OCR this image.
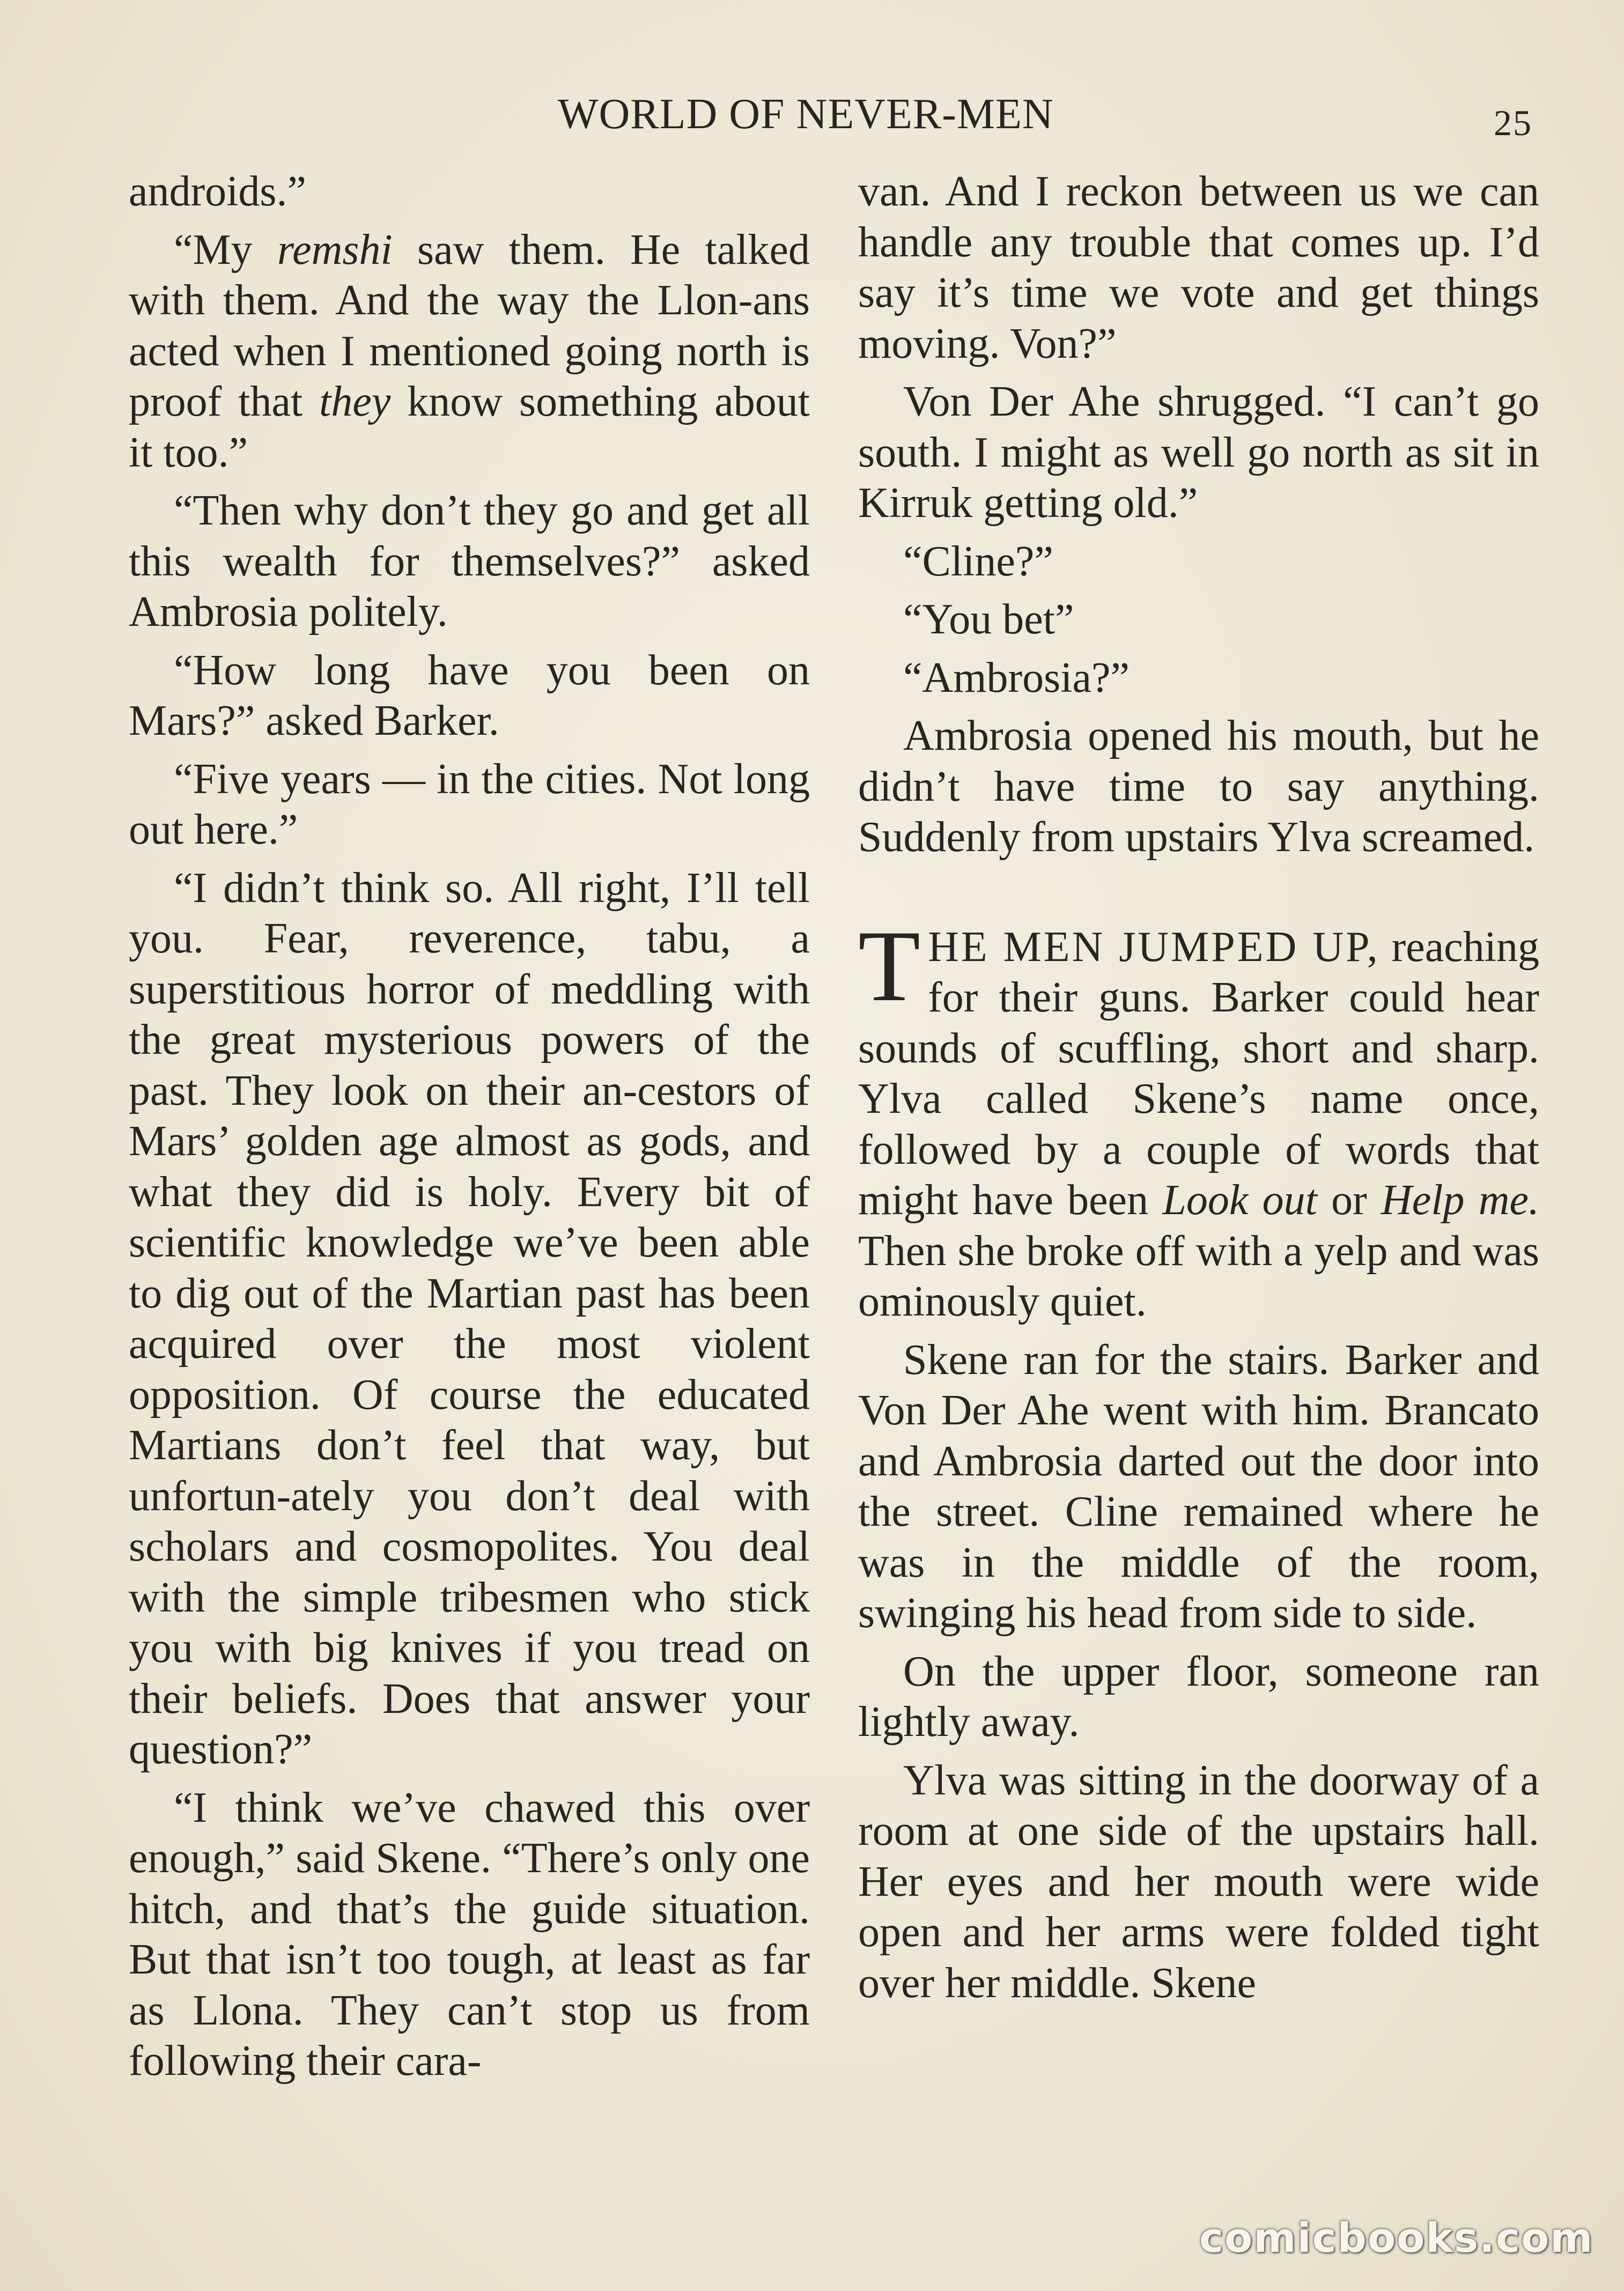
WORLD OF NEVER-MEN	25

androids.”

“My remshi saw them. He talked with them. And the way the Llon-ans acted when I mentioned going north is proof that they know something about it too.”

“Then why don’t they go and get all this wealth for themselves?” asked Ambrosia politely.

“How long have you been on Mars?” asked Barker.

“Five years — in the cities. Not long out here.”

“I didn’t think so. All right, I’ll tell you. Fear, reverence, tabu, a superstitious horror of meddling with the great mysterious powers of the past. They look on their an-cestors of Mars’ golden age almost as gods, and what they did is holy. Every bit of scientific knowledge we’ve been able to dig out of the Martian past has been acquired over the most violent opposition. Of course the educated Martians don’t feel that way, but unfortun-ately you don’t deal with scholars and cosmopolites. You deal with the simple tribesmen who stick you with big knives if you tread on their beliefs. Does that answer your question?”

“I think we’ve chawed this over enough,” said Skene. “There’s only one hitch, and that’s the guide situation. But that isn’t too tough, at least as far as Llona. They can’t stop us from following their cara-

van. And I reckon between us we can handle any trouble that comes up. I’d say it’s time we vote and get things moving. Von?”

Von Der Ahe shrugged. “I can’t go south. I might as well go north as sit in Kirruk getting old.”

“Cline?”

“You bet”

“Ambrosia?”

Ambrosia opened his mouth, but he didn’t have time to say anything. Suddenly from upstairs Ylva screamed.

THE MEN JUMPED UP, reaching for their guns. Barker could hear sounds of scuffling, short and sharp. Ylva called Skene’s name once, followed by a couple of words that might have been Look out or Help me. Then she broke off with a yelp and was ominously quiet.

Skene ran for the stairs. Barker and Von Der Ahe went with him. Brancato and Ambrosia darted out the door into the street. Cline remained where he was in the middle of the room, swinging his head from side to side.

On the upper floor, someone ran lightly away.

Ylva was sitting in the doorway of a room at one side of the upstairs hall. Her eyes and her mouth were wide open and her arms were folded tight over her middle. Skene

comicbooks.com
